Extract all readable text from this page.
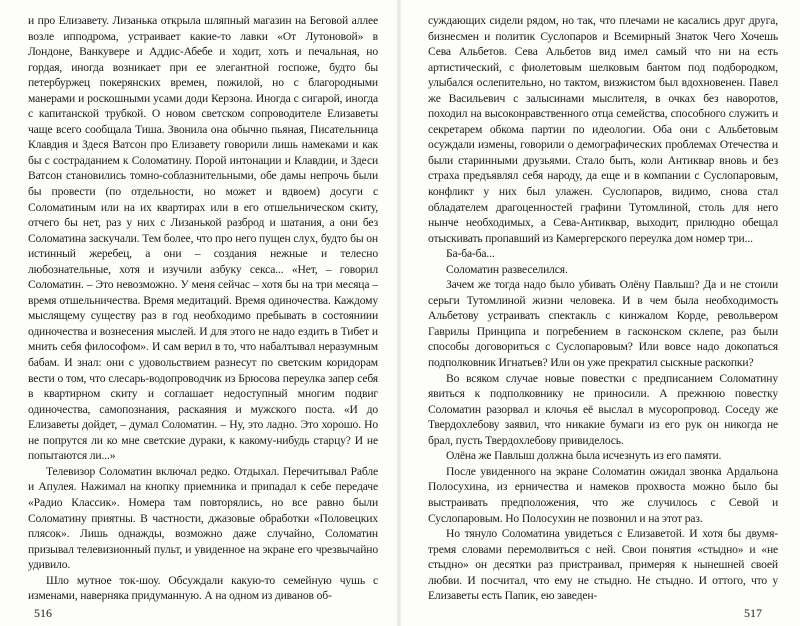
и про Елизавету. Лизанька открыла шляпный магазин на Беговой аллее возле ипподрома, устраивает какие-то лавки «От Лутоновой» в Лондоне, Ванкувере и Аддис-Абебе и ходит, хоть и печальная, но гордая, иногда возникает при ее элегантной госпоже, будто бы петербуржец покерянских времен, пожилой, но с благородными манерами и роскошными усами доди Керзона. Иногда с сигарой, иногда с капитанской трубкой. О новом светском сопроводителе Елизаветы чаще всего сообщала Тиша. Звонила она обычно пьяная, Писательница Клавдия и Здеся Ватсон про Елизавету говорили лишь намеками и как бы с состраданием к Соломатину. Порой интонации и Клавдии, и Здеси Ватсон становились томно-соблазнительными, обе дамы непрочь были бы провести (по отдельности, но может и вдвоем) досуги с Соломатиным или на их квартирах или в его отшельническом скиту, отчего бы нет, раз у них с Лизанькой разброд и шатания, а они без Соломатина заскучали. Тем более, что про него пущен слух, будто бы он истинный жеребец, а они – создания нежные и телесно любознательные, хотя и изучили азбуку секса... «Нет, – говорил Соломатин. – Это невозможно. У меня сейчас – хотя бы на три месяца – время отшельничества. Время медитаций. Время одиночества. Каждому мыслящему существу раз в год необходимо пребывать в состояниии одиночества и вознесения мыслей. И для этого не надо ездить в Тибет и мнить себя философом». И сам верил в то, что набалтывал неразумным бабам. И знал: они с удовольствием разнесут по светским коридорам вести о том, что слесарь-водопроводчик из Брюсова переулка запер себя в квартирном скиту и соглашает недоступный многим подвиг одиночества, самопознания, раскаяния и мужского поста. «И до Елизаветы дойдет, – думал Соломатин. – Ну, это ладно. Это хорошо. Но не попрутся ли ко мне светские дураки, к какому-нибудь старцу? И не попытаются ли...»

Телевизор Соломатин включал редко. Отдыхал. Перечитывал Рабле и Апулея. Нажимал на кнопку приемника и припадал к себе передаче «Радио Классик». Номера там повторялись, но все равно были Соломатину приятны. В частности, джазовые обработки «Половецких плясок». Лишь однажды, возможно даже случайно, Соломатин призывал телевизионный пульт, и увиденное на экране его чрезвычайно удивило.

Шло мутное ток-шоу. Обсуждали какую-то семейную чушь с изменами, наверняка придуманную. А на одном из диванов об-

суждающих сидели рядом, но так, что плечами не касались друг друга, бизнесмен и политик Суслопаров и Всемирный Знаток Чего Хочешь Сева Альбетов. Сева Альбетов вид имел самый что ни на есть артистический, с фиолетовым шелковым бантом под подбородком, улыбался ослепительно, но тактом, визжистом был вдохновенен. Павел же Васильевич с залысинами мыслителя, в очках без наворотов, походил на высоконравственного отца семейства, способного служить и секретарем обкома партии по идеологии. Оба они с Альбетовым осуждали измены, говорили о демографических проблемах Отечества и были старинными друзьями. Стало быть, коли Антиквар вновь и без страха предъявлял себя народу, да еще и в компании с Суслопаровым, конфликт у них был улажен. Суслопаров, видимо, снова стал обладателем драгоценностей графини Тутомлиной, столь для него нынче необходимых, а Сева-Антиквар, выходит, прилюдно обещал отыскивать пропавший из Камергерского переулка дом номер три...

Ба-ба-ба...

Соломатин развеселился.

Зачем же тогда надо было убивать Олёну Павлыш? Да и не стоили серьги Тутомлиной жизни человека. И в чем была необходимость Альбетову устраивать спектакль с кинжалом Корде, револьвером Гаврилы Принципа и погребением в гасконском склепе, раз были способы договориться с Суслопаровым? Или вовсе надо докопаться подполковник Игнатьев? Или он уже прекратил сыскные раскопки?

Во всяком случае новые повестки с предписанием Соломатину явиться к подполковнику не приносили. А прежнюю повестку Соломатин разорвал и клочья её выслал в мусоропровод. Соседу же Твердохлебову заявил, что никакие бумаги из его рук он никогда не брал, пусть Твердохлебову привиделось.

Олёна же Павлыш должна была исчезнуть из его памяти.

После увиденного на экране Соломатин ожидал звонка Ардальона Полосухина, из ерничества и намеков прохвоста можно было бы выстраивать предположения, что же случилось с Севой и Суслопаровым. Но Полосухин не позвонил и на этот раз.

Но тянуло Соломатина увидеться с Елизаветой. И хотя бы двумя-тремя словами перемолвиться с ней. Свои понятия «стыдно» и «не стыдно» он десятки раз пристраивал, примеряя к нынешней своей любви. И посчитал, что ему не стыдно. Не стыдно. И оттого, что у Елизаветы есть Папик, ею заведен-

516	517
